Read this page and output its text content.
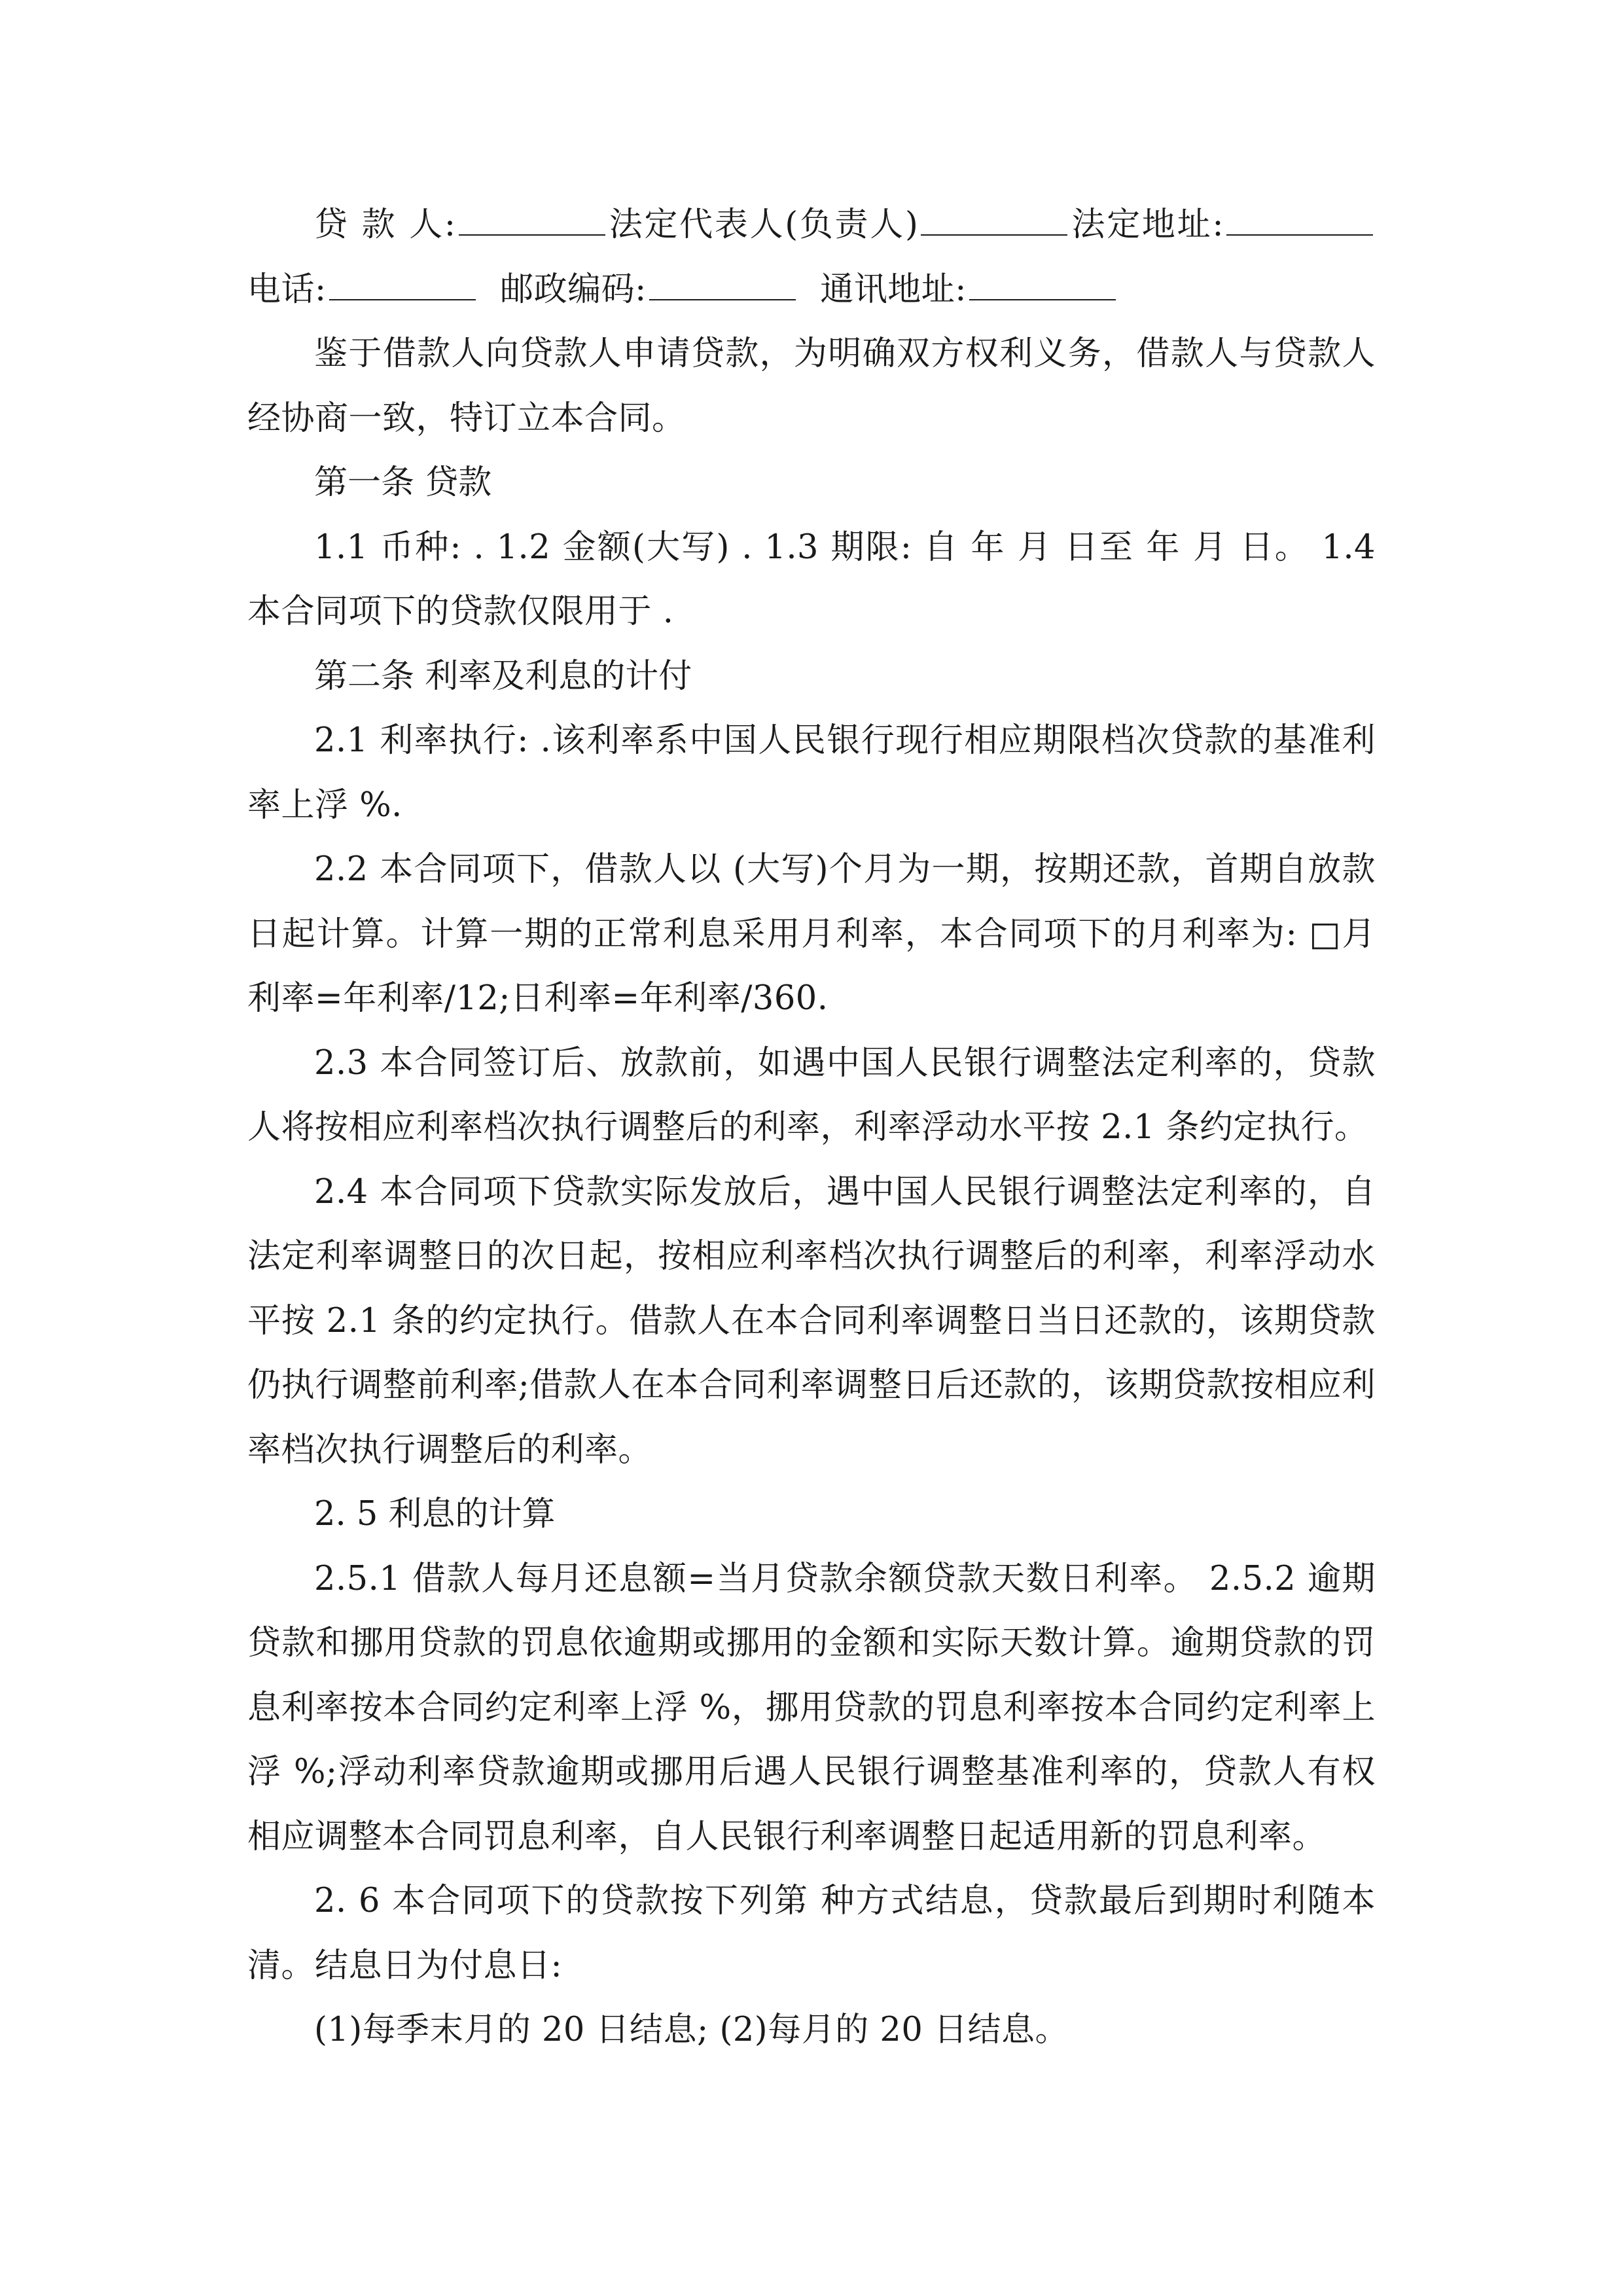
贷 款 人:	法定代表人(负责人)	法定地址:电话:	邮政编码:	通讯地址:

鉴于借款人向贷款人申请贷款，为明确双方权利义务，借款人与贷款人经协商一致，特订立本合同。

第一条 贷款

1.1 币种: . 1.2 金额(大写) . 1.3 期限: 自 年 月 日至 年 月 日。 1.4 本合同项下的贷款仅限用于 .

第二条 利率及利息的计付

2.1 利率执行: .该利率系中国人民银行现行相应期限档次贷款的基准利率上浮 %.

2.2 本合同项下，借款人以 (大写)个月为一期，按期还款，首期自放款日起计算。计算一期的正常利息采用月利率，本合同项下的月利率为: □月利率=年利率/12;日利率=年利率/360.

2.3 本合同签订后、放款前，如遇中国人民银行调整法定利率的，贷款人将按相应利率档次执行调整后的利率，利率浮动水平按 2.1 条约定执行。

2.4 本合同项下贷款实际发放后，遇中国人民银行调整法定利率的，自法定利率调整日的次日起，按相应利率档次执行调整后的利率，利率浮动水平按 2.1 条的约定执行。借款人在本合同利率调整日当日还款的，该期贷款仍执行调整前利率;借款人在本合同利率调整日后还款的，该期贷款按相应利率档次执行调整后的利率。

2. 5 利息的计算

2.5.1 借款人每月还息额=当月贷款余额贷款天数日利率。 2.5.2 逾期贷款和挪用贷款的罚息依逾期或挪用的金额和实际天数计算。逾期贷款的罚息利率按本合同约定利率上浮 %，挪用贷款的罚息利率按本合同约定利率上浮 %;浮动利率贷款逾期或挪用后遇人民银行调整基准利率的，贷款人有权相应调整本合同罚息利率，自人民银行利率调整日起适用新的罚息利率。

2. 6 本合同项下的贷款按下列第 种方式结息，贷款最后到期时利随本清。结息日为付息日:

(1)每季末月的 20 日结息; (2)每月的 20 日结息。
